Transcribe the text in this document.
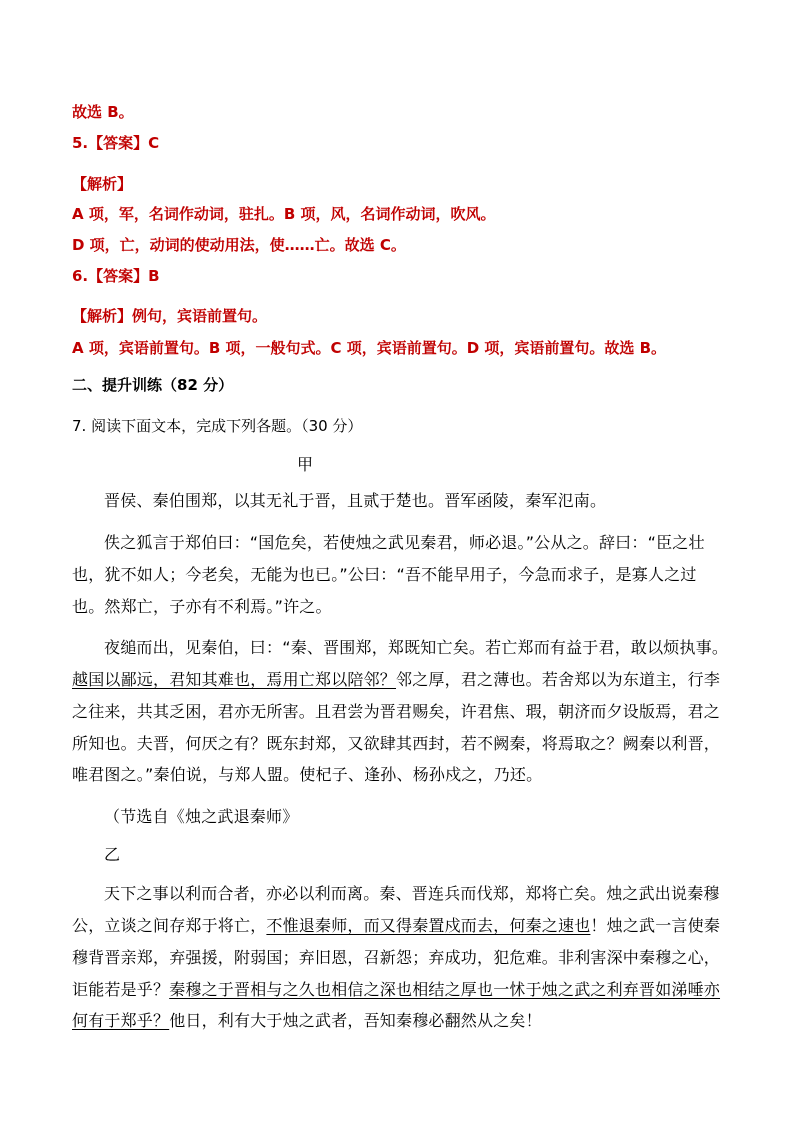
故选 B。
5.【答案】C
【解析】
A 项，军，名词作动词，驻扎。B 项，风，名词作动词，吹风。
D 项，亡，动词的使动用法，使……亡。故选 C。
6.【答案】B
【解析】例句，宾语前置句。
A 项，宾语前置句。B 项，一般句式。C 项，宾语前置句。D 项，宾语前置句。故选 B。
二、提升训练（82 分）
7. 阅读下面文本，完成下列各题。（30 分）
甲
晋侯、秦伯围郑，以其无礼于晋，且贰于楚也。晋军函陵，秦军氾南。
佚之狐言于郑伯曰：“国危矣，若使烛之武见秦君，师必退。”公从之。辞曰：“臣之壮
也，犹不如人；今老矣，无能为也已。”公曰：“吾不能早用子，今急而求子，是寡人之过
也。然郑亡，子亦有不利焉。”许之。
夜缒而出，见秦伯，曰：“秦、晋围郑，郑既知亡矣。若亡郑而有益于君，敢以烦执事。
越国以鄙远，君知其难也，焉用亡郑以陪邻？邻之厚，君之薄也。若舍郑以为东道主，行李
之往来，共其乏困，君亦无所害。且君尝为晋君赐矣，许君焦、瑕，朝济而夕设版焉，君之
所知也。夫晋，何厌之有？既东封郑，又欲肆其西封，若不阙秦，将焉取之？阙秦以利晋，
唯君图之。”秦伯说，与郑人盟。使杞子、逢孙、杨孙戍之，乃还。
（节选自《烛之武退秦师》
乙
天下之事以利而合者，亦必以利而离。秦、晋连兵而伐郑，郑将亡矣。烛之武出说秦穆
公，立谈之间存郑于将亡，不惟退秦师，而又得秦置戍而去，何秦之速也！烛之武一言使秦
穆背晋亲郑，弃强援，附弱国；弃旧恩，召新怨；弃成功，犯危难。非利害深中秦穆之心，
讵能若是乎？秦穆之于晋相与之久也相信之深也相结之厚也一怵于烛之武之利弃晋如涕唾亦
何有于郑乎？他日，利有大于烛之武者，吾知秦穆必翻然从之矣！
